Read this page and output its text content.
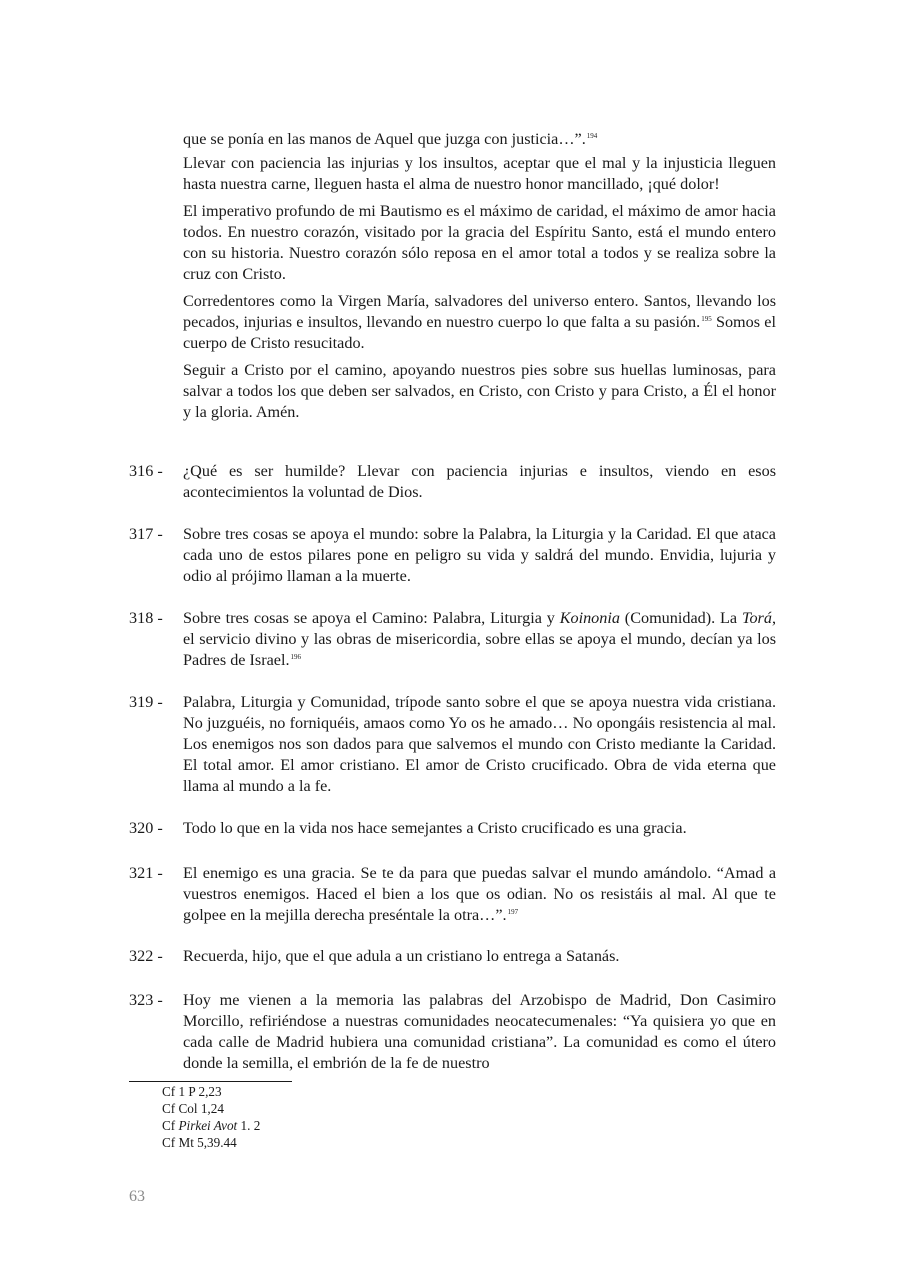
que se ponía en las manos de Aquel que juzga con justicia…”.$^{194}$

Llevar con paciencia las injurias y los insultos, aceptar que el mal y la injusticia lleguen hasta nuestra carne, lleguen hasta el alma de nuestro honor mancillado, ¡qué dolor!

El imperativo profundo de mi Bautismo es el máximo de caridad, el máximo de amor hacia todos. En nuestro corazón, visitado por la gracia del Espíritu Santo, está el mundo entero con su historia. Nuestro corazón sólo reposa en el amor total a todos y se realiza sobre la cruz con Cristo.

Corredentores como la Virgen María, salvadores del universo entero. Santos, llevando los pecados, injurias e insultos, llevando en nuestro cuerpo lo que falta a su pasión.$^{195}$ Somos el cuerpo de Cristo resucitado.

Seguir a Cristo por el camino, apoyando nuestros pies sobre sus huellas luminosas, para salvar a todos los que deben ser salvados, en Cristo, con Cristo y para Cristo, a Él el honor y la gloria. Amén.

316 -	¿Qué es ser humilde? Llevar con paciencia injurias e insultos, viendo en esos acontecimientos la voluntad de Dios.
317 -	Sobre tres cosas se apoya el mundo: sobre la Palabra, la Liturgia y la Caridad. El que ataca cada uno de estos pilares pone en peligro su vida y saldrá del mundo. Envidia, lujuria y odio al prójimo llaman a la muerte.
318 -	Sobre tres cosas se apoya el Camino: Palabra, Liturgia y Koinonia (Comunidad). La Torá, el servicio divino y las obras de misericordia, sobre ellas se apoya el mundo, decían ya los Padres de Israel.$^{196}$
319 -	Palabra, Liturgia y Comunidad, trípode santo sobre el que se apoya nuestra vida cristiana. No juzguéis, no forniquéis, amaos como Yo os he amado… No opongáis resistencia al mal. Los enemigos nos son dados para que salvemos el mundo con Cristo mediante la Caridad. El total amor. El amor cristiano. El amor de Cristo crucificado. Obra de vida eterna que llama al mundo a la fe.
320 -	Todo lo que en la vida nos hace semejantes a Cristo crucificado es una gracia.
321 -	El enemigo es una gracia. Se te da para que puedas salvar el mundo amándolo. “Amad a vuestros enemigos. Haced el bien a los que os odian. No os resistáis al mal. Al que te golpee en la mejilla derecha preséntale la otra…”.$^{197}$
322 -	Recuerda, hijo, que el que adula a un cristiano lo entrega a Satanás.
323 -	Hoy me vienen a la memoria las palabras del Arzobispo de Madrid, Don Casimiro Morcillo, refiriéndose a nuestras comunidades neocatecumenales: “Ya quisiera yo que en cada calle de Madrid hubiera una comunidad cristiana”. La comunidad es como el útero donde la semilla, el embrión de la fe de nuestro
Cf 1 P 2,23
Cf Col 1,24
Cf Pirkei Avot 1. 2
Cf Mt 5,39.44
63
